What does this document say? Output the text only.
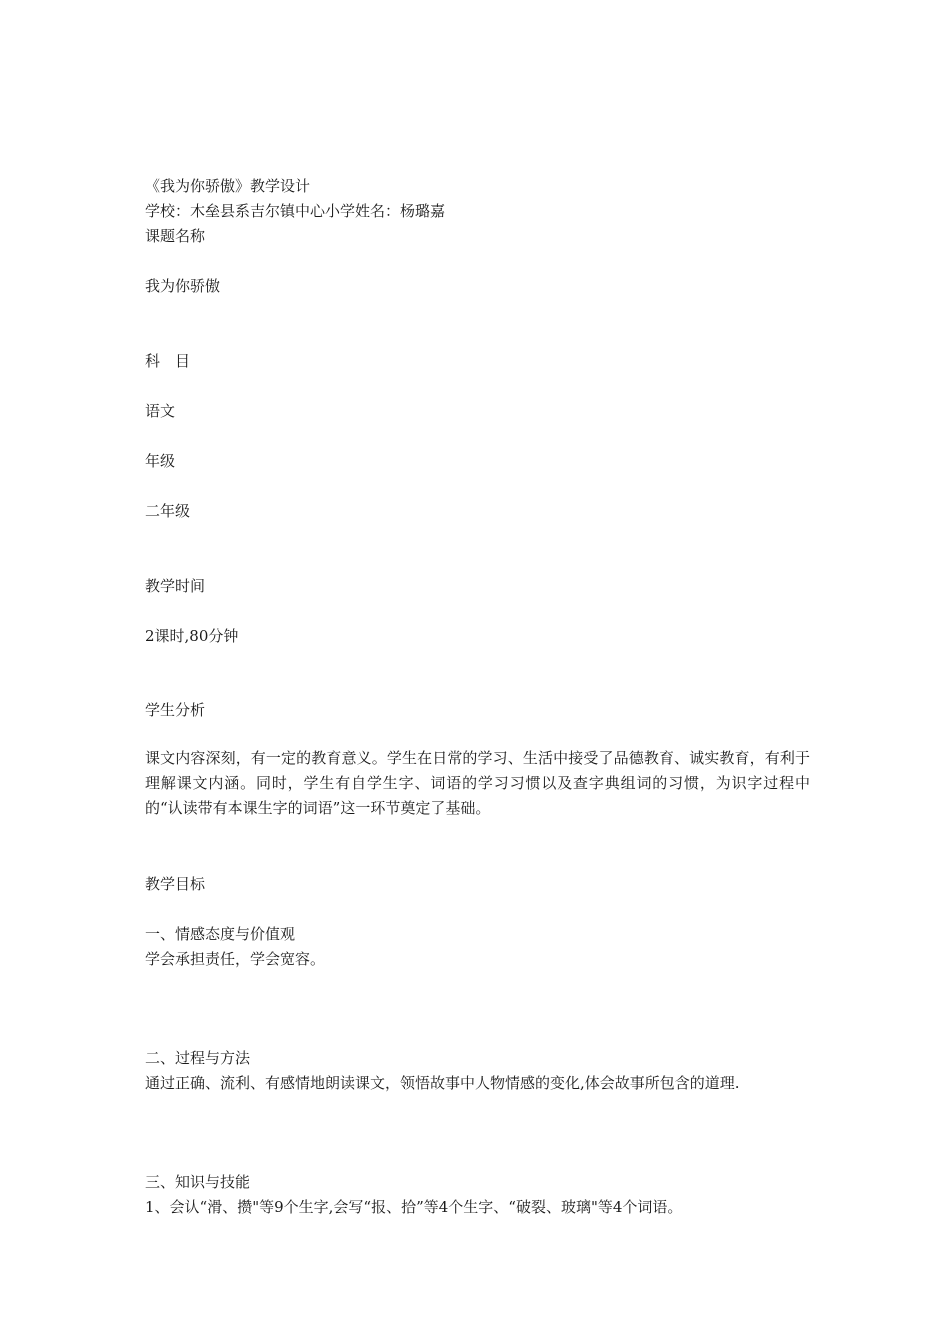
《我为你骄傲》教学设计
学校：木垒县系吉尔镇中心小学姓名：杨璐嘉
课题名称
我为你骄傲
科　目
语文
年级
二年级
教学时间
2课时,80分钟
学生分析
课文内容深刻，有一定的教育意义。学生在日常的学习、生活中接受了品德教育、诚实教育，有利于理解课文内涵。同时，学生有自学生字、词语的学习习惯以及查字典组词的习惯，为识字过程中的“认读带有本课生字的词语”这一环节奠定了基础。
教学目标
一、情感态度与价值观
学会承担责任，学会宽容。
二、过程与方法
通过正确、流利、有感情地朗读课文，领悟故事中人物情感的变化,体会故事所包含的道理.
三、知识与技能
1、会认“滑、攒"等9个生字,会写“报、拾”等4个生字、“破裂、玻璃"等4个词语。
